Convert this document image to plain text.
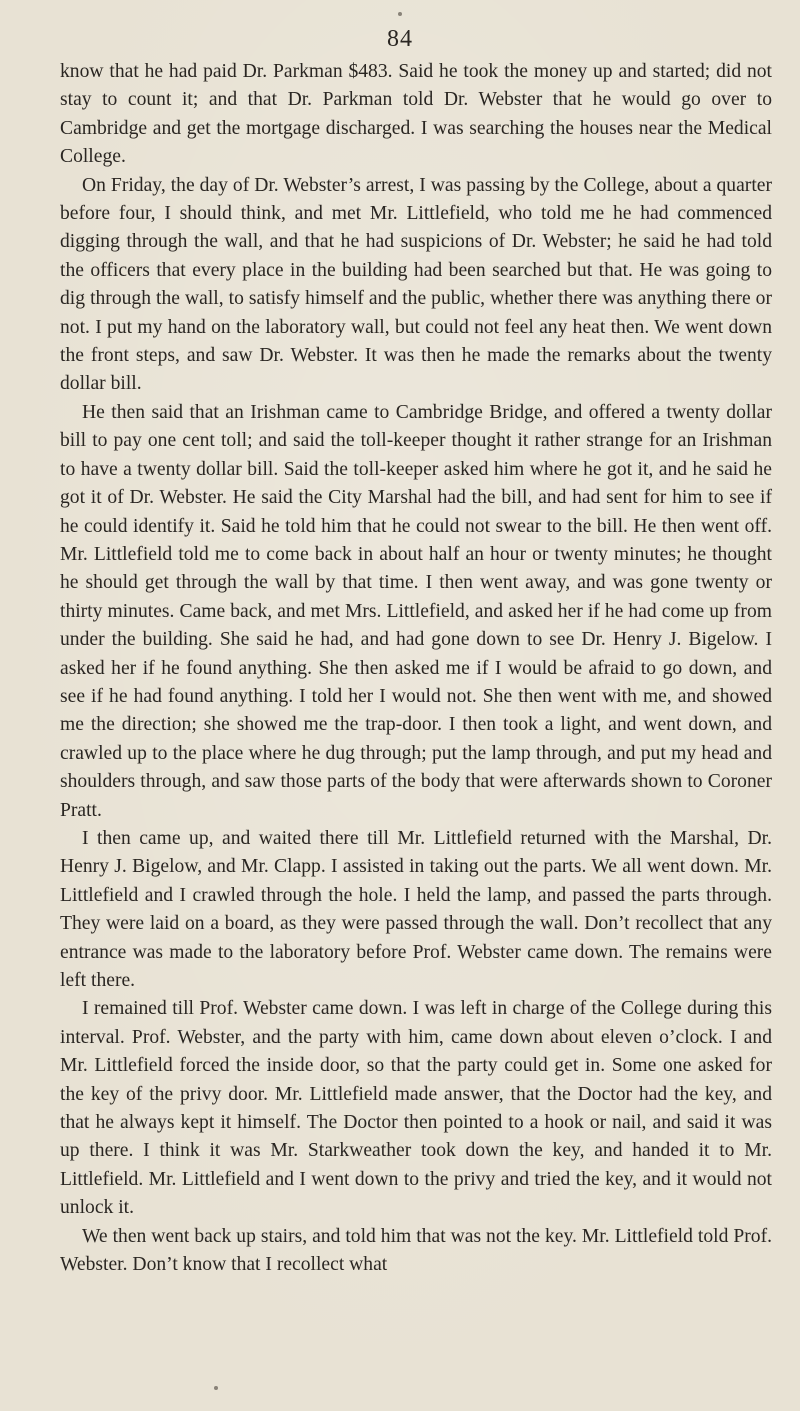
84

know that he had paid Dr. Parkman $483. Said he took the money up and started; did not stay to count it; and that Dr. Parkman told Dr. Webster that he would go over to Cambridge and get the mortgage discharged. I was searching the houses near the Medical College.

On Friday, the day of Dr. Webster’s arrest, I was passing by the College, about a quarter before four, I should think, and met Mr. Littlefield, who told me he had commenced digging through the wall, and that he had suspicions of Dr. Webster; he said he had told the officers that every place in the building had been searched but that. He was going to dig through the wall, to satisfy himself and the public, whether there was anything there or not. I put my hand on the laboratory wall, but could not feel any heat then. We went down the front steps, and saw Dr. Webster. It was then he made the remarks about the twenty dollar bill.

He then said that an Irishman came to Cambridge Bridge, and offered a twenty dollar bill to pay one cent toll; and said the toll-keeper thought it rather strange for an Irishman to have a twenty dollar bill. Said the toll-keeper asked him where he got it, and he said he got it of Dr. Webster. He said the City Marshal had the bill, and had sent for him to see if he could identify it. Said he told him that he could not swear to the bill. He then went off. Mr. Littlefield told me to come back in about half an hour or twenty minutes; he thought he should get through the wall by that time. I then went away, and was gone twenty or thirty minutes. Came back, and met Mrs. Littlefield, and asked her if he had come up from under the building. She said he had, and had gone down to see Dr. Henry J. Bigelow. I asked her if he found anything. She then asked me if I would be afraid to go down, and see if he had found anything. I told her I would not. She then went with me, and showed me the direction; she showed me the trap-door. I then took a light, and went down, and crawled up to the place where he dug through; put the lamp through, and put my head and shoulders through, and saw those parts of the body that were afterwards shown to Coroner Pratt.

I then came up, and waited there till Mr. Littlefield returned with the Marshal, Dr. Henry J. Bigelow, and Mr. Clapp. I assisted in taking out the parts. We all went down. Mr. Littlefield and I crawled through the hole. I held the lamp, and passed the parts through. They were laid on a board, as they were passed through the wall. Don’t recollect that any entrance was made to the laboratory before Prof. Webster came down. The remains were left there.

I remained till Prof. Webster came down. I was left in charge of the College during this interval. Prof. Webster, and the party with him, came down about eleven o’clock. I and Mr. Littlefield forced the inside door, so that the party could get in. Some one asked for the key of the privy door. Mr. Littlefield made answer, that the Doctor had the key, and that he always kept it himself. The Doctor then pointed to a hook or nail, and said it was up there. I think it was Mr. Starkweather took down the key, and handed it to Mr. Littlefield. Mr. Littlefield and I went down to the privy and tried the key, and it would not unlock it.

We then went back up stairs, and told him that was not the key. Mr. Littlefield told Prof. Webster. Don’t know that I recollect what
